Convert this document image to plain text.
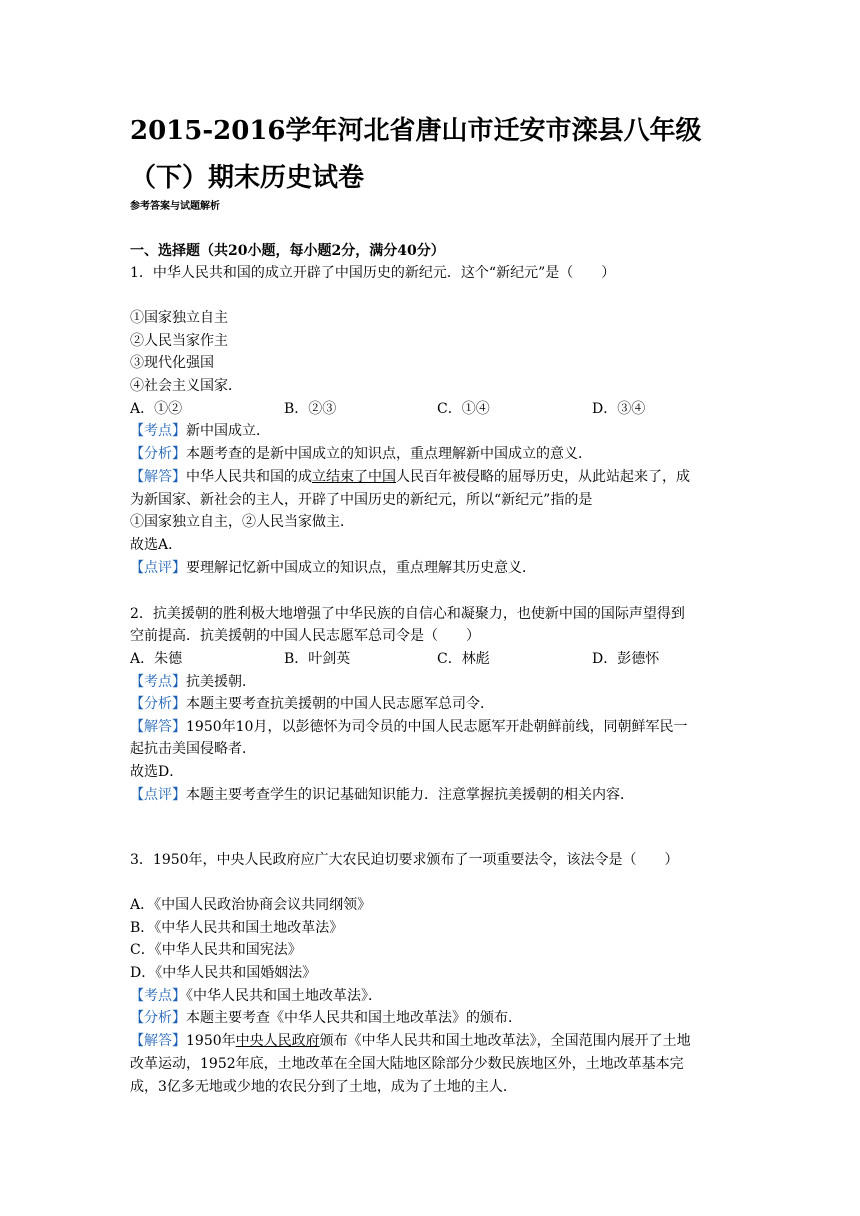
2015-2016学年河北省唐山市迁安市滦县八年级（下）期末历史试卷
参考答案与试题解析
一、选择题（共20小题，每小题2分，满分40分）
1．中华人民共和国的成立开辟了中国历史的新纪元．这个“新纪元”是（　　）
①国家独立自主
②人民当家作主
③现代化强国
④社会主义国家．
A．①②	B．②③	C．①④	D．③④
【考点】新中国成立．
【分析】本题考查的是新中国成立的知识点，重点理解新中国成立的意义．
【解答】中华人民共和国的成立结束了中国人民百年被侵略的屈辱历史，从此站起来了，成
为新国家、新社会的主人，开辟了中国历史的新纪元，所以“新纪元”指的是
①国家独立自主，②人民当家做主．
故选A．
【点评】要理解记忆新中国成立的知识点，重点理解其历史意义．
2．抗美援朝的胜利极大地增强了中华民族的自信心和凝聚力，也使新中国的国际声望得到
空前提高．抗美援朝的中国人民志愿军总司令是（　　）
A．朱德	B．叶剑英	C．林彪	D．彭德怀
【考点】抗美援朝．
【分析】本题主要考查抗美援朝的中国人民志愿军总司令．
【解答】1950年10月，以彭德怀为司令员的中国人民志愿军开赴朝鲜前线，同朝鲜军民一
起抗击美国侵略者．
故选D．
【点评】本题主要考查学生的识记基础知识能力．注意掌握抗美援朝的相关内容．
3．1950年，中央人民政府应广大农民迫切要求颁布了一项重要法令，该法令是（　　）
A．《中国人民政治协商会议共同纲领》
B．《中华人民共和国土地改革法》
C．《中华人民共和国宪法》
D．《中华人民共和国婚姻法》
【考点】《中华人民共和国土地改革法》．
【分析】本题主要考查《中华人民共和国土地改革法》的颁布．
【解答】1950年中央人民政府颁布《中华人民共和国土地改革法》，全国范围内展开了土地
改革运动，1952年底，土地改革在全国大陆地区除部分少数民族地区外，土地改革基本完
成，3亿多无地或少地的农民分到了土地，成为了土地的主人．
